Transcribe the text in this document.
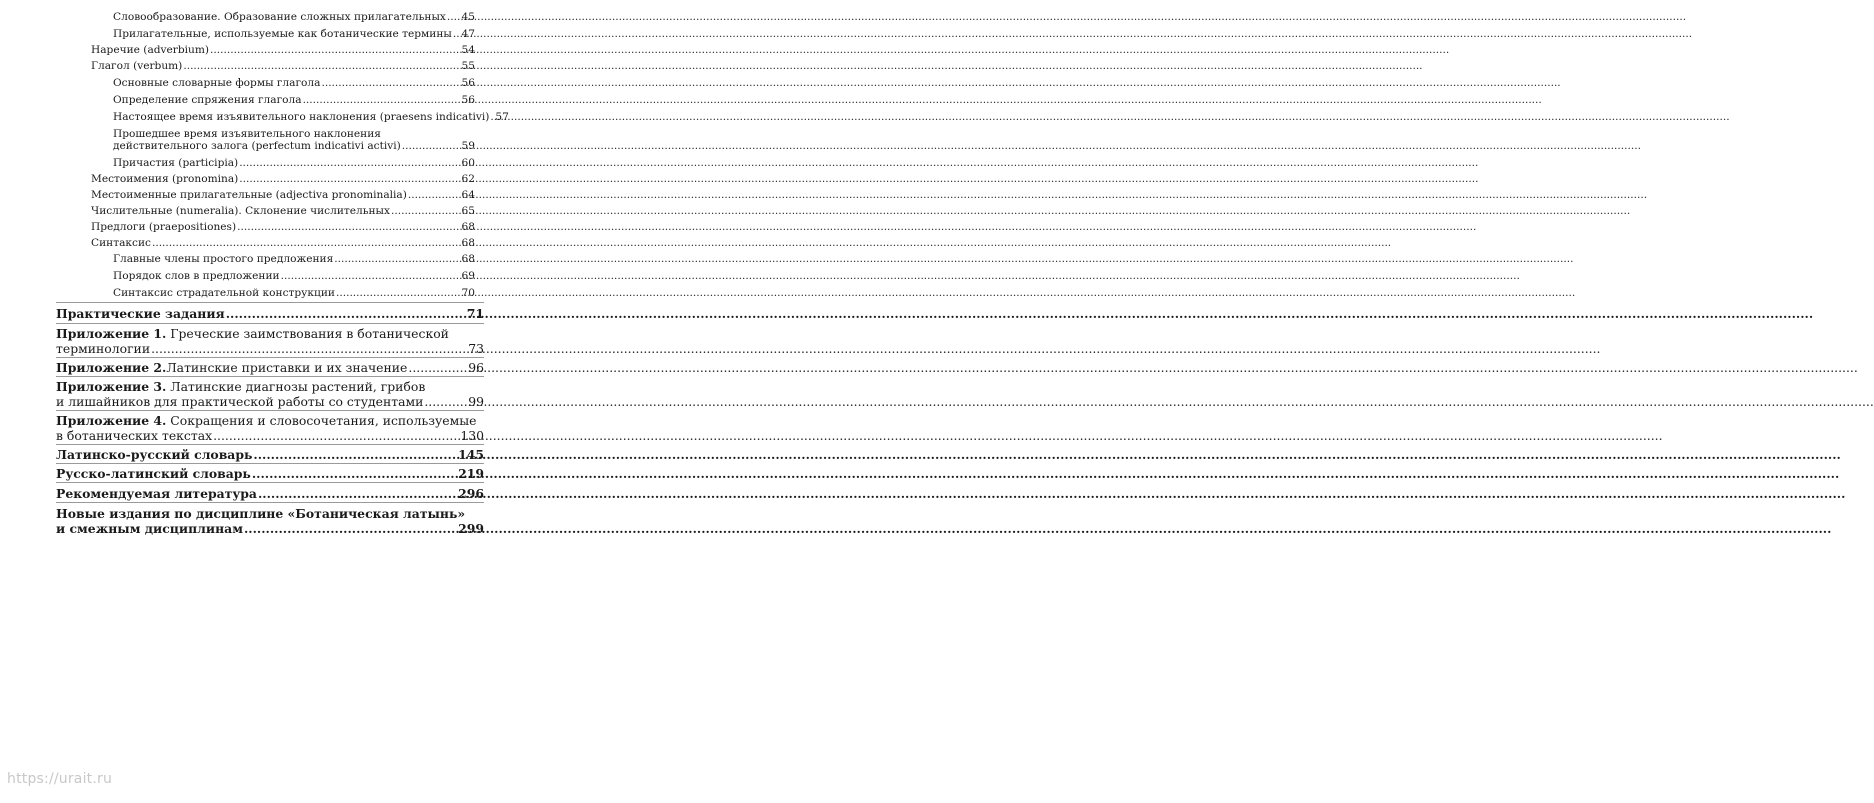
Словообразование. Образование сложных прилагательных ..... 45
Прилагательные, используемые как ботанические термины ..... 47
Наречие (adverbium) .....	54
Глагол (verbum) .....	55
Основные словарные формы глагола .....	56
Определение спряжения глагола .....	56
Настоящее время изъявительного наклонения (praesens indicativi) ..... 57
Прошедшее время изъявительного наклонения
действительного залога (perfectum indicativi activi) .....	59
Причастия (participia) .....	60
Местоимения (pronomina) .....	62
Местоименные прилагательные (adjectiva pronominalia) .....	64
Числительные (numeralia). Склонение числительных .....	65
Предлоги (praepositiones) .....	68
Синтаксис .....	68
Главные члены простого предложения .....	68
Порядок слов в предложении .....	69
Синтаксис страдательной конструкции .....	70
Практические задания .....	71
Приложение 1. Греческие заимствования в ботанической
терминологии .....	73
Приложение 2. Латинские приставки и их значение .....	96
Приложение 3. Латинские диагнозы растений, грибов
и лишайников для практической работы со студентами .....	99
Приложение 4. Сокращения и словосочетания, используемые
в ботанических текстах .....	130
Латинско-русский словарь .....	145
Русско-латинский словарь .....	219
Рекомендуемая литература .....	296
Новые издания по дисциплине «Ботаническая латынь»
и смежным дисциплинам .....	299
https://urait.ru
